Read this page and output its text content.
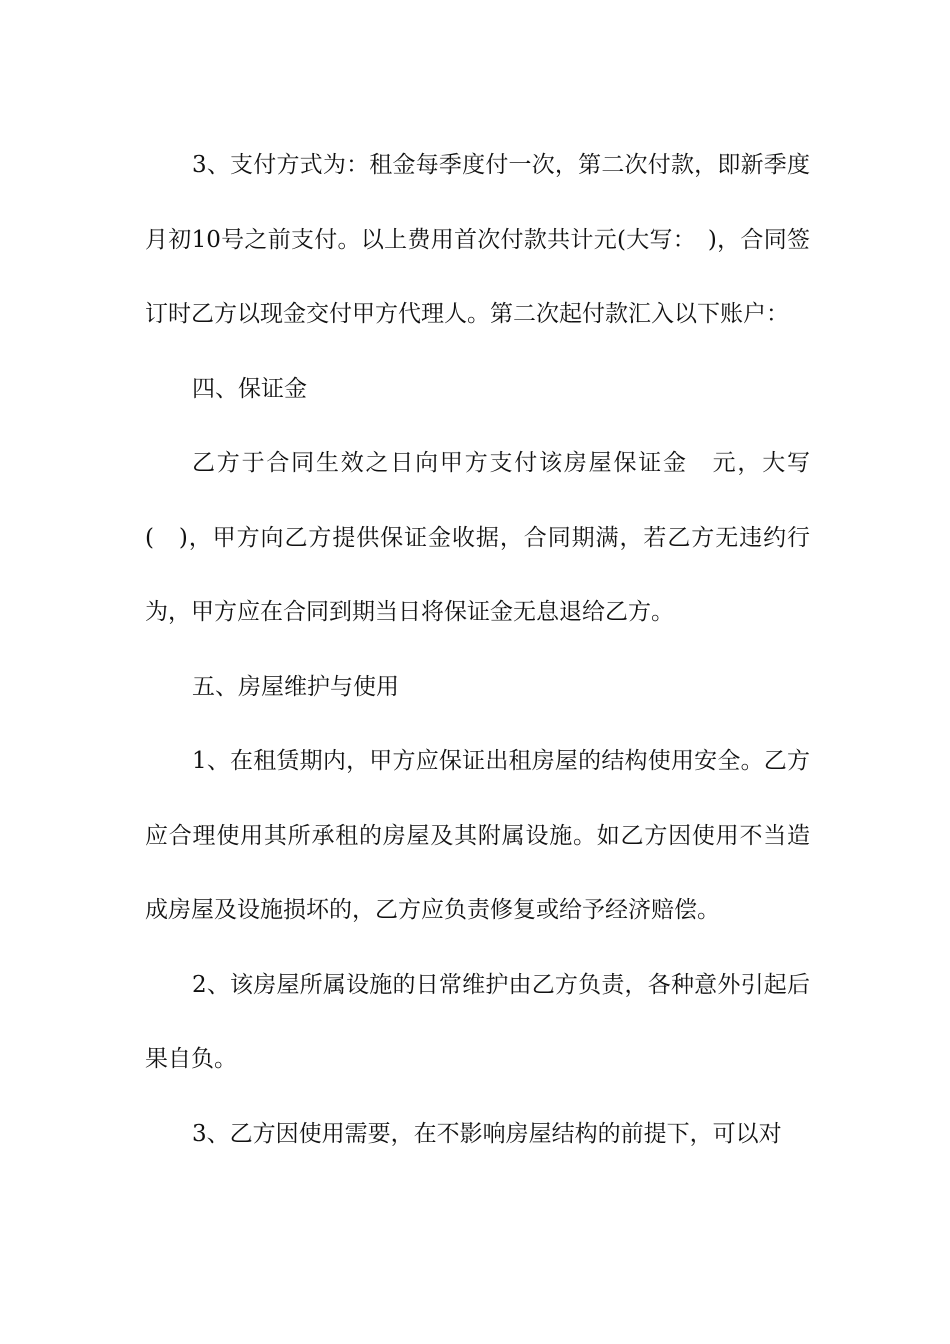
3、支付方式为：租金每季度付一次，第二次付款，即新季度月初10号之前支付。以上费用首次付款共计元(大写：　)，合同签订时乙方以现金交付甲方代理人。第二次起付款汇入以下账户：

四、保证金

乙方于合同生效之日向甲方支付该房屋保证金　元，大写(　)，甲方向乙方提供保证金收据，合同期满，若乙方无违约行为，甲方应在合同到期当日将保证金无息退给乙方。

五、房屋维护与使用

1、在租赁期内，甲方应保证出租房屋的结构使用安全。乙方应合理使用其所承租的房屋及其附属设施。如乙方因使用不当造成房屋及设施损坏的，乙方应负责修复或给予经济赔偿。

2、该房屋所属设施的日常维护由乙方负责，各种意外引起后果自负。

3、乙方因使用需要，在不影响房屋结构的前提下，可以对
